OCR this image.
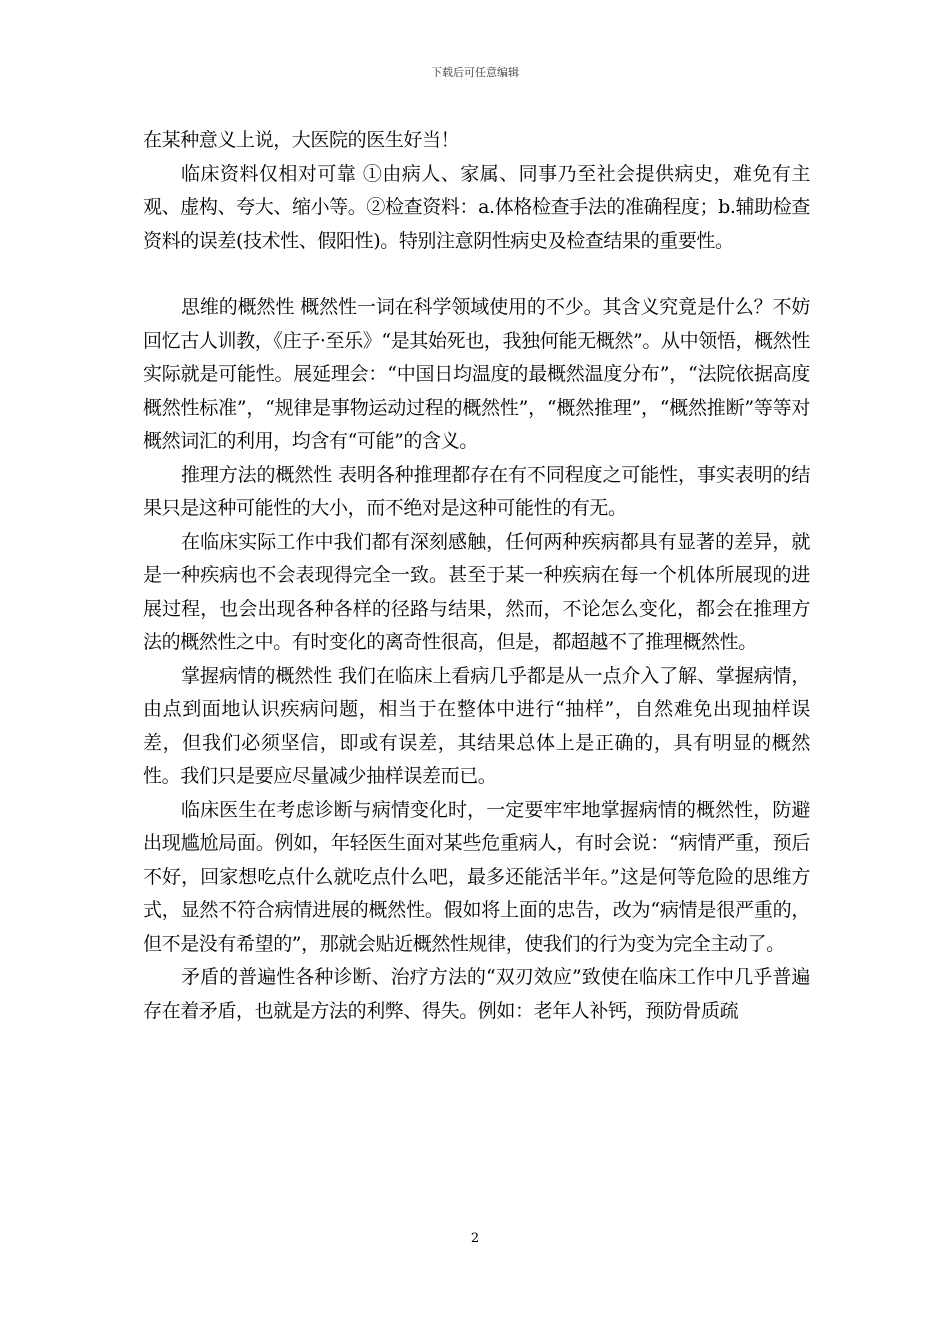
下载后可任意编辑

在某种意义上说，大医院的医生好当！

临床资料仅相对可靠 ①由病人、家属、同事乃至社会提供病史，难免有主观、虚构、夸大、缩小等。②检查资料：a.体格检查手法的准确程度；b.辅助检查资料的误差(技术性、假阳性)。特别注意阴性病史及检查结果的重要性。

思维的概然性 概然性一词在科学领域使用的不少。其含义究竟是什么？不妨回忆古人训教，《庄子·至乐》“是其始死也，我独何能无概然”。从中领悟，概然性实际就是可能性。展延理会：“中国日均温度的最概然温度分布”，“法院依据高度概然性标准”，“规律是事物运动过程的概然性”，“概然推理”，“概然推断”等等对概然词汇的利用，均含有“可能”的含义。

推理方法的概然性 表明各种推理都存在有不同程度之可能性，事实表明的结果只是这种可能性的大小，而不绝对是这种可能性的有无。

在临床实际工作中我们都有深刻感触，任何两种疾病都具有显著的差异，就是一种疾病也不会表现得完全一致。甚至于某一种疾病在每一个机体所展现的进展过程，也会出现各种各样的径路与结果，然而，不论怎么变化，都会在推理方法的概然性之中。有时变化的离奇性很高，但是，都超越不了推理概然性。

掌握病情的概然性 我们在临床上看病几乎都是从一点介入了解、掌握病情，由点到面地认识疾病问题，相当于在整体中进行“抽样”，自然难免出现抽样误差，但我们必须坚信，即或有误差，其结果总体上是正确的，具有明显的概然性。我们只是要应尽量减少抽样误差而已。

临床医生在考虑诊断与病情变化时，一定要牢牢地掌握病情的概然性，防避出现尴尬局面。例如，年轻医生面对某些危重病人，有时会说：“病情严重，预后不好，回家想吃点什么就吃点什么吧，最多还能活半年。”这是何等危险的思维方式，显然不符合病情进展的概然性。假如将上面的忠告，改为“病情是很严重的，但不是没有希望的”，那就会贴近概然性规律，使我们的行为变为完全主动了。

矛盾的普遍性各种诊断、治疗方法的“双刃效应”致使在临床工作中几乎普遍存在着矛盾，也就是方法的利弊、得失。例如：老年人补钙，预防骨质疏

2
